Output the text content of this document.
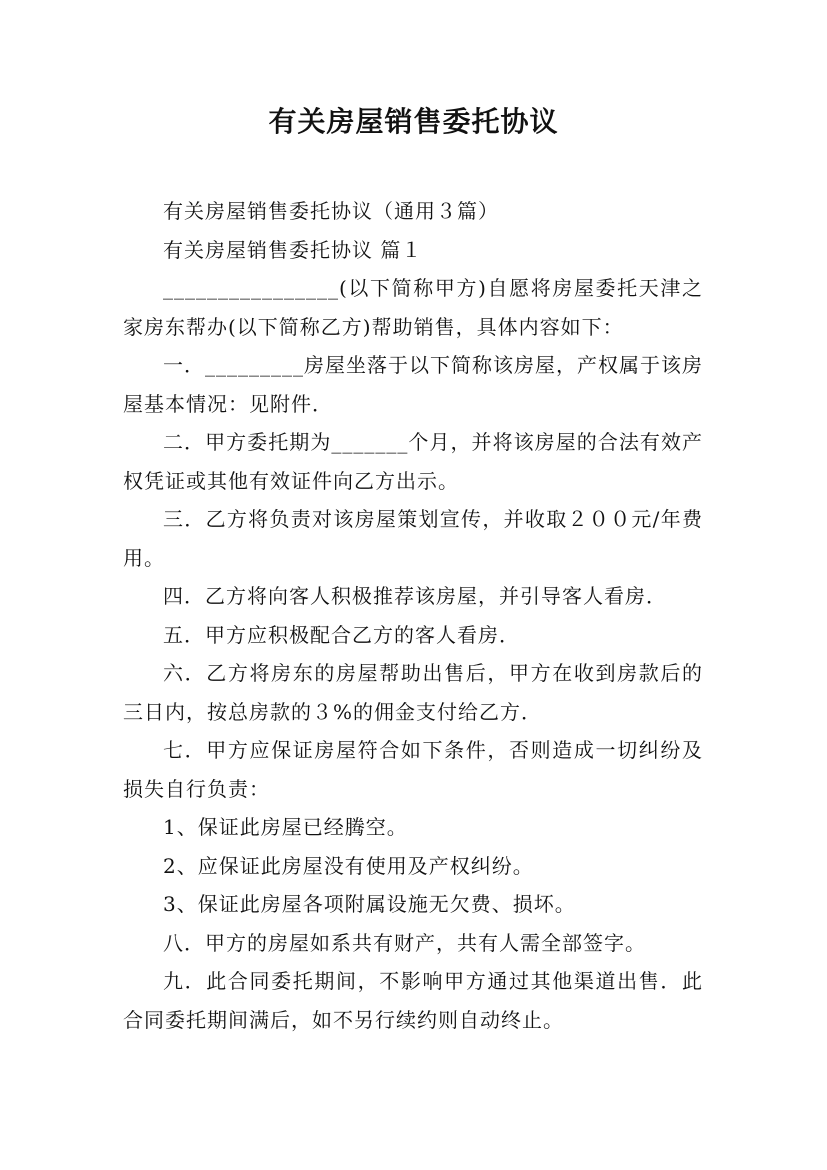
有关房屋销售委托协议

有关房屋销售委托协议（通用３篇）

有关房屋销售委托协议 篇１

________________(以下简称甲方)自愿将房屋委托天津之家房东帮办(以下简称乙方)帮助销售，具体内容如下：

一．_________房屋坐落于以下简称该房屋，产权属于该房屋基本情况：见附件．

二．甲方委托期为_______个月，并将该房屋的合法有效产权凭证或其他有效证件向乙方出示。

三．乙方将负责对该房屋策划宣传，并收取２００元/年费用。

四．乙方将向客人积极推荐该房屋，并引导客人看房．

五．甲方应积极配合乙方的客人看房．

六．乙方将房东的房屋帮助出售后，甲方在收到房款后的三日内，按总房款的３%的佣金支付给乙方．

七．甲方应保证房屋符合如下条件，否则造成一切纠纷及损失自行负责：

1、保证此房屋已经腾空。

2、应保证此房屋没有使用及产权纠纷。

3、保证此房屋各项附属设施无欠费、损坏。

八．甲方的房屋如系共有财产，共有人需全部签字。

九．此合同委托期间，不影响甲方通过其他渠道出售．此合同委托期间满后，如不另行续约则自动终止。
